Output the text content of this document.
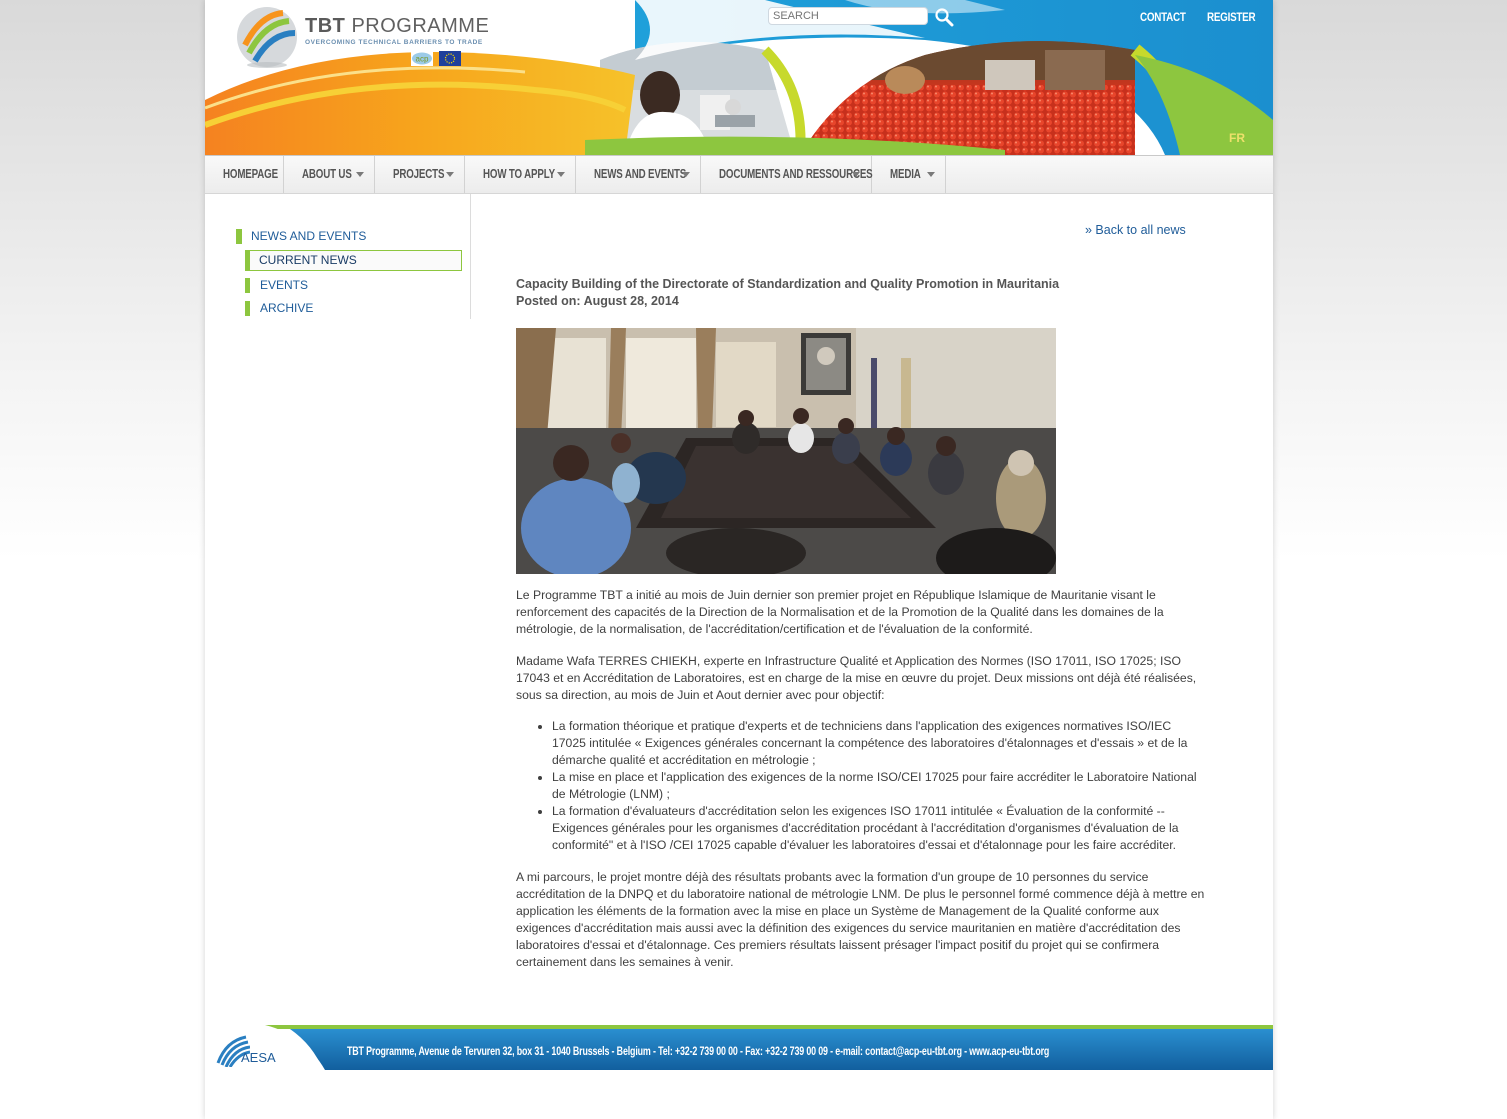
TBT PROGRAMME
OVERCOMING TECHNICAL BARRIERS TO TRADE
acp
SEARCH
CONTACT REGISTER
FR
HOMEPAGE ABOUT US	PROJECTS	HOW TO APPLY	NEWS AND EVENTS	DOCUMENTS AND RESSOURCES MEDIA
NEWS AND EVENTS
CURRENT NEWS
EVENTS
ARCHIVE
» Back to all news
Capacity Building of the Directorate of Standardization and Quality Promotion in Mauritania
Posted on: August 28, 2014

Le Programme TBT a initié au mois de Juin dernier son premier projet en République Islamique de Mauritanie visant le renforcement des capacités de la Direction de la Normalisation et de la Promotion de la Qualité dans les domaines de la métrologie, de la normalisation, de l'accréditation/certification et de l'évaluation de la conformité.

Madame Wafa TERRES CHIEKH, experte en Infrastructure Qualité et Application des Normes (ISO 17011, ISO 17025; ISO 17043 et en Accréditation de Laboratoires, est en charge de la mise en œuvre du projet. Deux missions ont déjà été réalisées, sous sa direction, au mois de Juin et Aout dernier avec pour objectif:

• La formation théorique et pratique d'experts et de techniciens dans l'application des exigences normatives ISO/IEC 17025 intitulée « Exigences générales concernant la compétence des laboratoires d'étalonnages et d'essais » et de la démarche qualité et accréditation en métrologie ;
• La mise en place et l'application des exigences de la norme ISO/CEI 17025 pour faire accréditer le Laboratoire National de Métrologie (LNM) ;
• La formation d'évaluateurs d'accréditation selon les exigences ISO 17011 intitulée « Évaluation de la conformité -- Exigences générales pour les organismes d'accréditation procédant à l'accréditation d'organismes d'évaluation de la conformité" et à l'ISO /CEI 17025 capable d'évaluer les laboratoires d'essai et d'étalonnage pour les faire accréditer.

A mi parcours, le projet montre déjà des résultats probants avec la formation d'un groupe de 10 personnes du service accréditation de la DNPQ et du laboratoire national de métrologie LNM. De plus le personnel formé commence déjà à mettre en application les éléments de la formation avec la mise en place un Système de Management de la Qualité conforme aux exigences d'accréditation mais aussi avec la définition des exigences du service mauritanien en matière d'accréditation des laboratoires d'essai et d'étalonnage. Ces premiers résultats laissent présager l'impact positif du projet qui se confirmera certainement dans les semaines à venir.

AESA	TBT Programme, Avenue de Tervuren 32, box 31 - 1040 Brussels - Belgium - Tel: +32-2 739 00 00 - Fax: +32-2 739 00 09 - e-mail: contact@acp-eu-tbt.org - www.acp-eu-tbt.org
